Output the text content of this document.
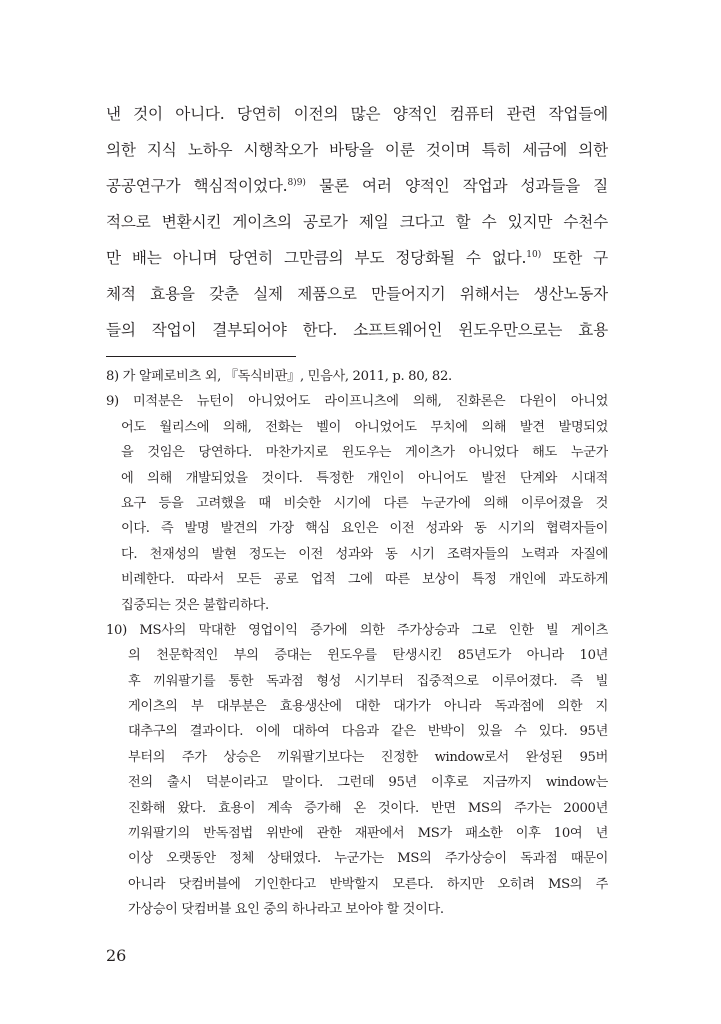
낸 것이 아니다. 당연히 이전의 많은 양적인 컴퓨터 관련 작업들에
의한 지식 노하우 시행착오가 바탕을 이룬 것이며 특히 세금에 의한
공공연구가 핵심적이었다.$^{8)9)}$ 물론 여러 양적인 작업과 성과들을 질
적으로 변환시킨 게이츠의 공로가 제일 크다고 할 수 있지만 수천수
만 배는 아니며 당연히 그만큼의 부도 정당화될 수 없다.$^{10)}$ 또한 구
체적 효용을 갖춘 실제 제품으로 만들어지기 위해서는 생산노동자
들의 작업이 결부되어야 한다. 소프트웨어인 윈도우만으로는 효용
8) 가 알페로비츠 외, 『독식비판』, 민음사, 2011, p. 80, 82.
9) 미적분은 뉴턴이 아니었어도 라이프니츠에 의해, 진화론은 다윈이 아니었
어도 월리스에 의해, 전화는 벨이 아니었어도 무치에 의해 발견 발명되었
을 것임은 당연하다. 마찬가지로 윈도우는 게이츠가 아니었다 해도 누군가
에 의해 개발되었을 것이다. 특정한 개인이 아니어도 발전 단계와 시대적
요구 등을 고려했을 때 비슷한 시기에 다른 누군가에 의해 이루어졌을 것
이다. 즉 발명 발견의 가장 핵심 요인은 이전 성과와 동 시기의 협력자들이
다. 천재성의 발현 정도는 이전 성과와 동 시기 조력자들의 노력과 자질에
비례한다. 따라서 모든 공로 업적 그에 따른 보상이 특정 개인에 과도하게
집중되는 것은 불합리하다.
10) MS사의 막대한 영업이익 증가에 의한 주가상승과 그로 인한 빌 게이츠
의 천문학적인 부의 증대는 윈도우를 탄생시킨 85년도가 아니라 10년
후 끼워팔기를 통한 독과점 형성 시기부터 집중적으로 이루어졌다. 즉 빌
게이츠의 부 대부분은 효용생산에 대한 대가가 아니라 독과점에 의한 지
대추구의 결과이다. 이에 대하여 다음과 같은 반박이 있을 수 있다. 95년
부터의 주가 상승은 끼워팔기보다는 진정한 window로서 완성된 95버
전의 출시 덕분이라고 말이다. 그런데 95년 이후로 지금까지 window는
진화해 왔다. 효용이 계속 증가해 온 것이다. 반면 MS의 주가는 2000년
끼워팔기의 반독점법 위반에 관한 재판에서 MS가 패소한 이후 10여 년
이상 오랫동안 정체 상태였다. 누군가는 MS의 주가상승이 독과점 때문이
아니라 닷컴버블에 기인한다고 반박할지 모른다. 하지만 오히려 MS의 주
가상승이 닷컴버블 요인 중의 하나라고 보아야 할 것이다.
26
